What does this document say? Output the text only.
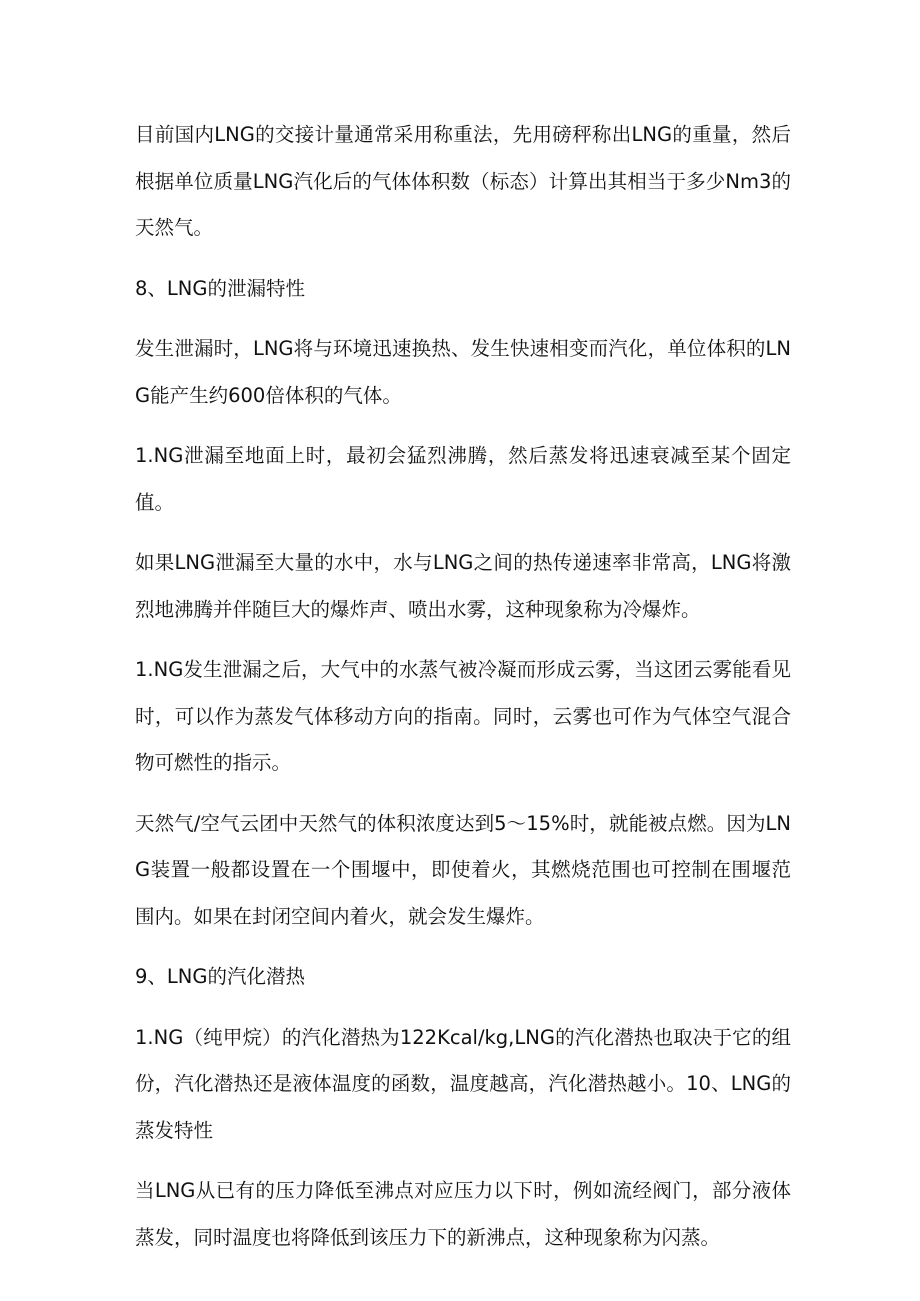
目前国内LNG的交接计量通常采用称重法，先用磅秤称出LNG的重量，然后根据单位质量LNG汽化后的气体体积数（标态）计算出其相当于多少Nm3的天然气。

8、LNG的泄漏特性

发生泄漏时，LNG将与环境迅速换热、发生快速相变而汽化，单位体积的LNG能产生约600倍体积的气体。

1.NG泄漏至地面上时，最初会猛烈沸腾，然后蒸发将迅速衰减至某个固定值。

如果LNG泄漏至大量的水中，水与LNG之间的热传递速率非常高，LNG将激烈地沸腾并伴随巨大的爆炸声、喷出水雾，这种现象称为冷爆炸。

1.NG发生泄漏之后，大气中的水蒸气被冷凝而形成云雾，当这团云雾能看见时，可以作为蒸发气体移动方向的指南。同时，云雾也可作为气体空气混合物可燃性的指示。

天然气/空气云团中天然气的体积浓度达到5～15%时，就能被点燃。因为LNG装置一般都设置在一个围堰中，即使着火，其燃烧范围也可控制在围堰范围内。如果在封闭空间内着火，就会发生爆炸。

9、LNG的汽化潜热

1.NG（纯甲烷）的汽化潜热为122Kcal/kg,LNG的汽化潜热也取决于它的组份，汽化潜热还是液体温度的函数，温度越高，汽化潜热越小。10、LNG的蒸发特性

当LNG从已有的压力降低至沸点对应压力以下时，例如流经阀门，部分液体蒸发，同时温度也将降低到该压力下的新沸点，这种现象称为闪蒸。
